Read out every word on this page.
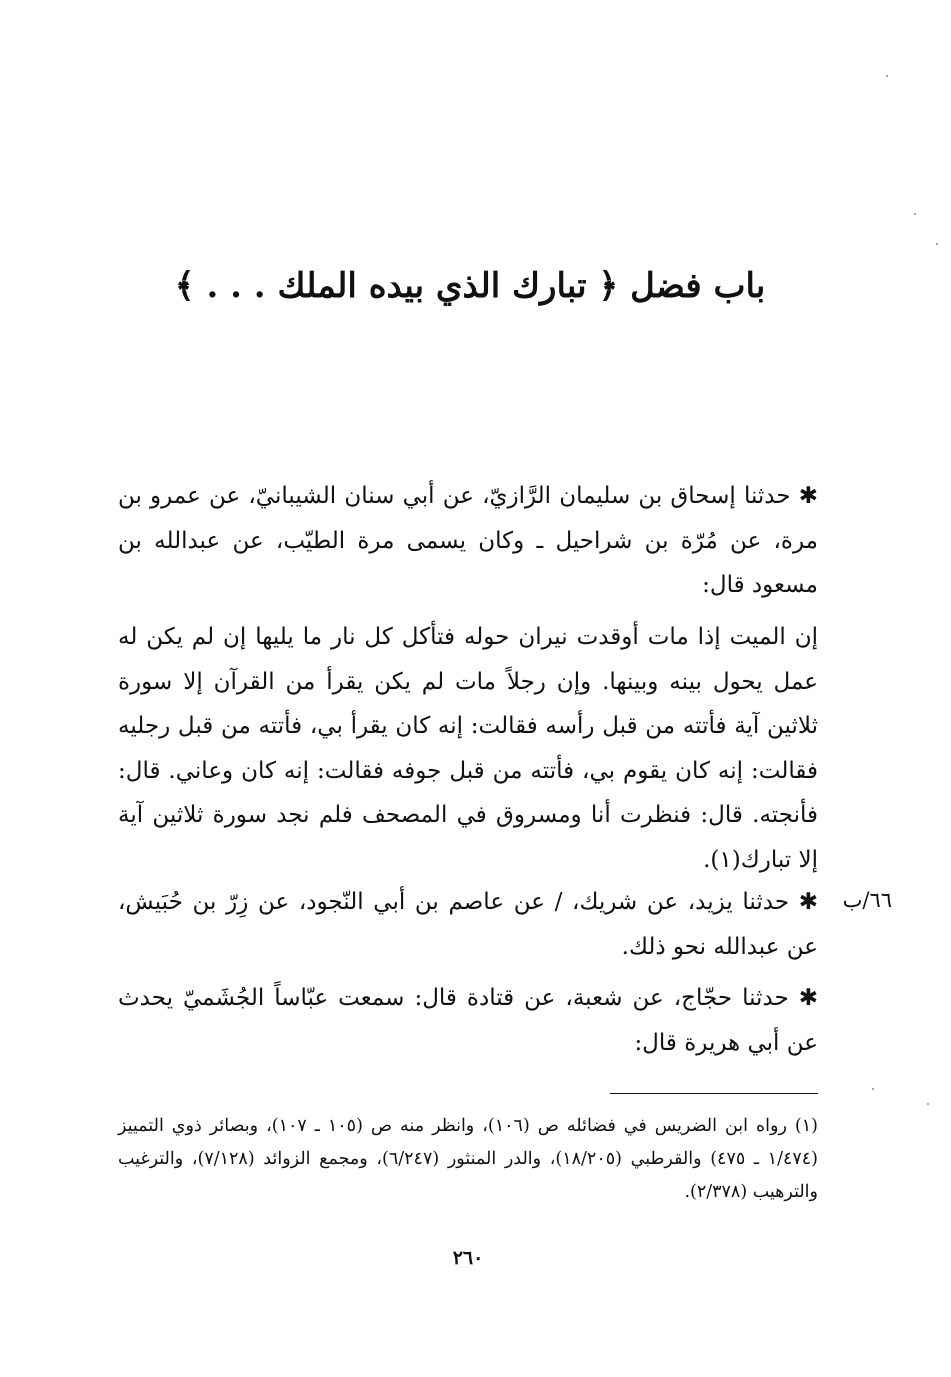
باب فضل ﴿ تبارك الذي بيده الملك . . . ﴾
✱ حدثنا إسحاق بن سليمان الرَّازيّ، عن أبي سنان الشيبانيّ، عن عمرو بن مرة، عن مُرّة بن شراحيل ـ وكان يسمى مرة الطيّب، عن عبدالله بن مسعود قال:
إن الميت إذا مات أوقدت نيران حوله فتأكل كل نار ما يليها إن لم يكن له عمل يحول بينه وبينها. وإن رجلاً مات لم يكن يقرأ من القرآن إلا سورة ثلاثين آية فأتته من قبل رأسه فقالت: إنه كان يقرأ بي، فأتته من قبل رجليه فقالت: إنه كان يقوم بي، فأتته من قبل جوفه فقالت: إنه كان وعاني. قال: فأنجته. قال: فنظرت أنا ومسروق في المصحف فلم نجد سورة ثلاثين آية إلا تبارك(١).
٦٦/ب
✱ حدثنا يزيد، عن شريك، / عن عاصم بن أبي النّجود، عن زِرّ بن حُبَيش، عن عبدالله نحو ذلك.
✱ حدثنا حجّاج، عن شعبة، عن قتادة قال: سمعت عبّاساً الجُشَميّ يحدث عن أبي هريرة قال:
(١) رواه ابن الضريس في فضائله ص (١٠٦)، وانظر منه ص (١٠٥ ـ ١٠٧)، وبصائر ذوي التمييز (١/٤٧٤ ـ ٤٧٥) والقرطبي (١٨/٢٠٥)، والدر المنثور (٦/٢٤٧)، ومجمع الزوائد (٧/١٢٨)، والترغيب والترهيب (٢/٣٧٨).
٢٦٠
